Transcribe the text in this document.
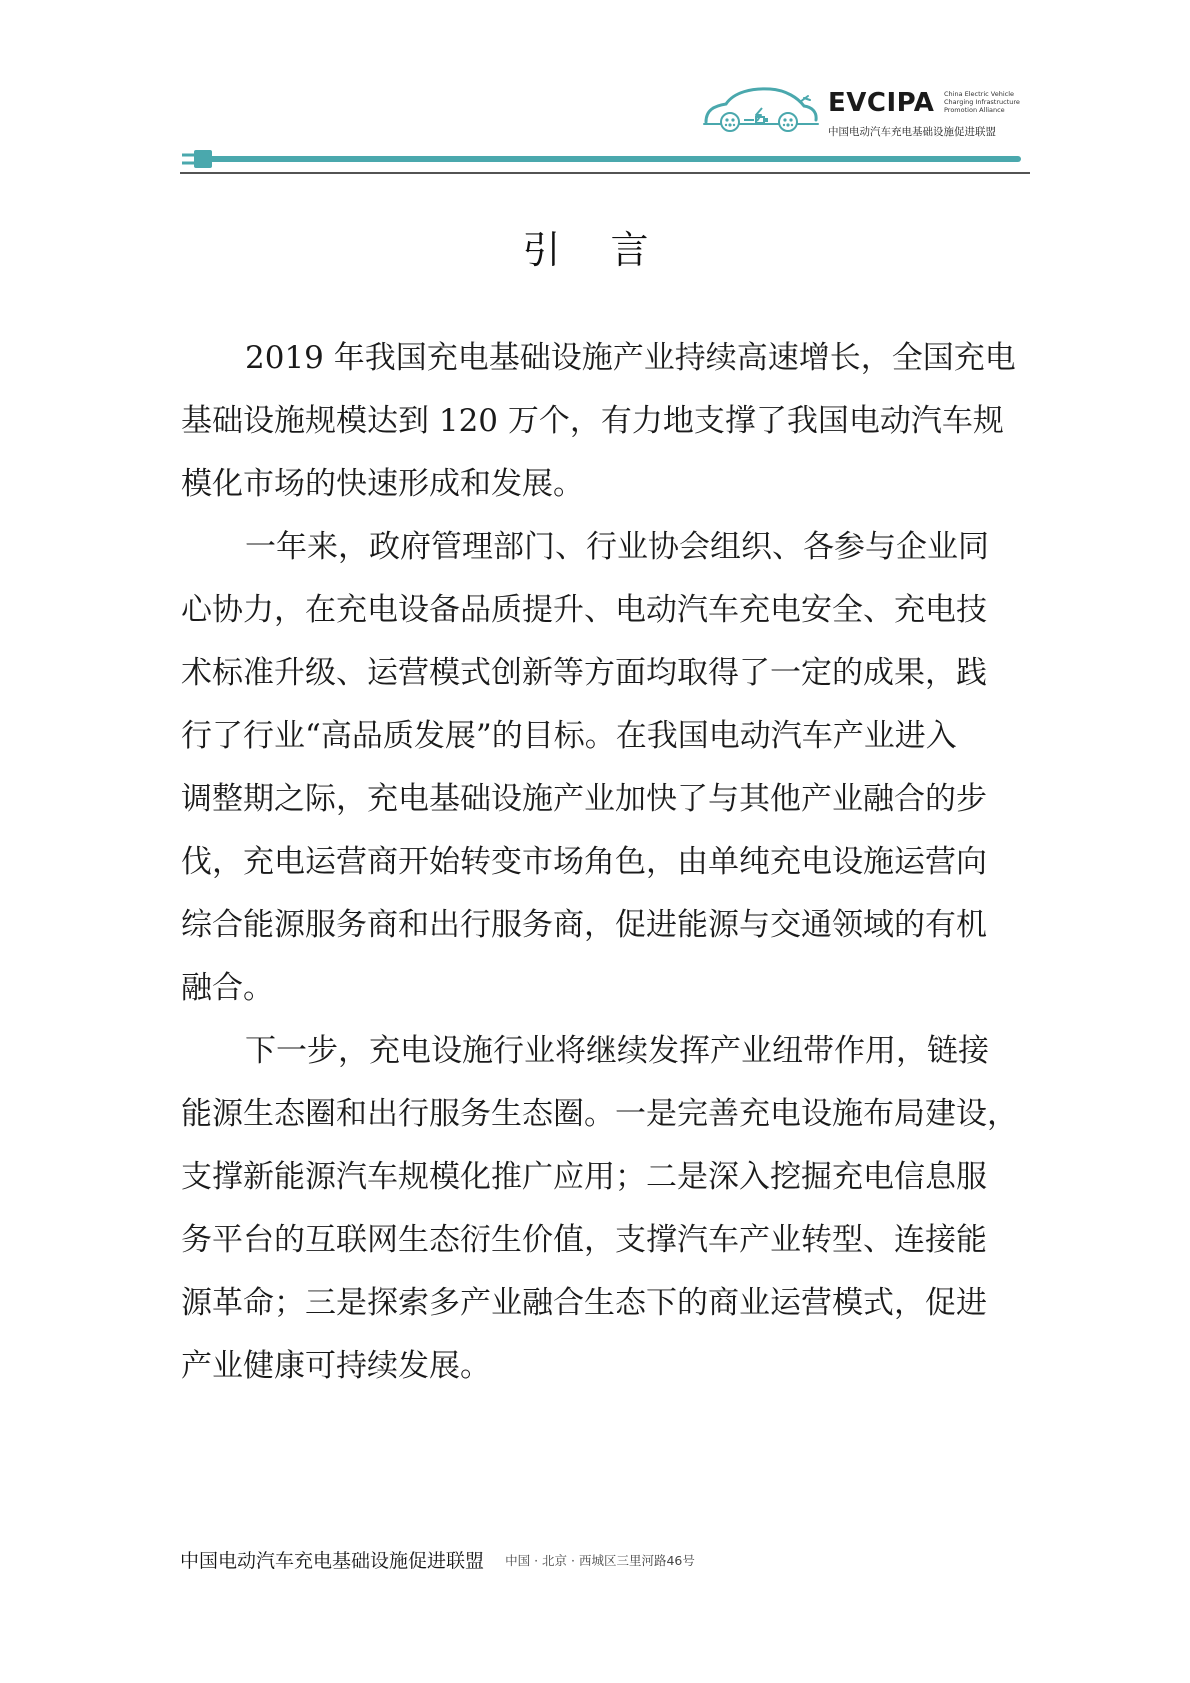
EVCIPA China Electric Vehicle
Charging Infrastructure
Promotion Alliance
中国电动汽车充电基础设施促进联盟
引 言
2019 年我国充电基础设施产业持续高速增长，全国充电
基础设施规模达到 120 万个，有力地支撑了我国电动汽车规
模化市场的快速形成和发展。
一年来，政府管理部门、行业协会组织、各参与企业同
心协力，在充电设备品质提升、电动汽车充电安全、充电技
术标准升级、运营模式创新等方面均取得了一定的成果，践
行了行业“高品质发展”的目标。在我国电动汽车产业进入
调整期之际，充电基础设施产业加快了与其他产业融合的步
伐，充电运营商开始转变市场角色，由单纯充电设施运营向
综合能源服务商和出行服务商，促进能源与交通领域的有机
融合。
下一步，充电设施行业将继续发挥产业纽带作用，链接
能源生态圈和出行服务生态圈。一是完善充电设施布局建设，
支撑新能源汽车规模化推广应用；二是深入挖掘充电信息服
务平台的互联网生态衍生价值，支撑汽车产业转型、连接能
源革命；三是探索多产业融合生态下的商业运营模式，促进
产业健康可持续发展。
中国电动汽车充电基础设施促进联盟 中国 · 北京 · 西城区三里河路46号
